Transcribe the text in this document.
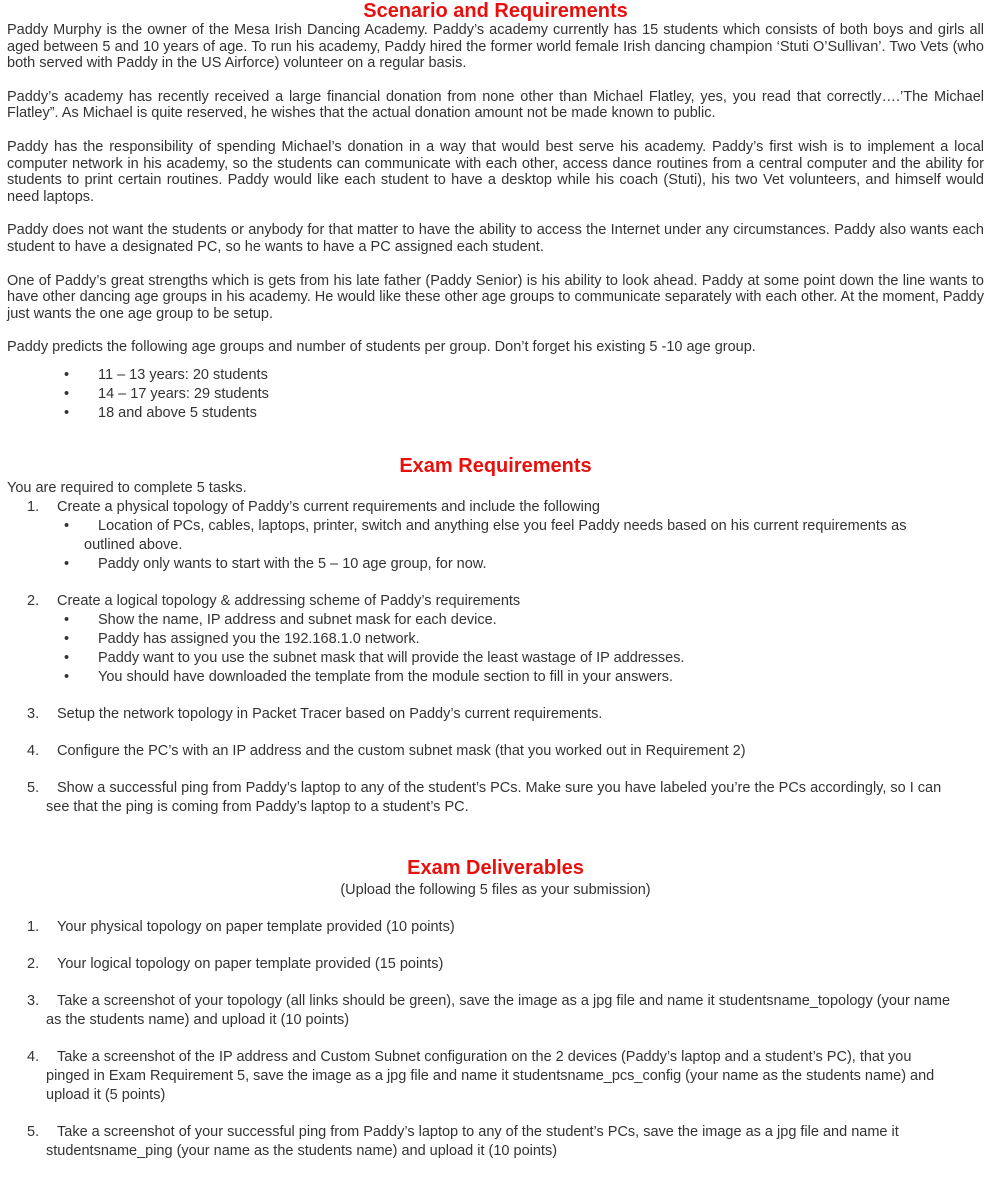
Scenario and Requirements

Paddy Murphy is the owner of the Mesa Irish Dancing Academy. Paddy’s academy currently has 15 students which consists of both boys and girls all aged between 5 and 10 years of age. To run his academy, Paddy hired the former world female Irish dancing champion ‘Stuti O’Sullivan’. Two Vets (who both served with Paddy in the US Airforce) volunteer on a regular basis.

Paddy’s academy has recently received a large financial donation from none other than Michael Flatley, yes, you read that correctly….’The Michael Flatley”. As Michael is quite reserved, he wishes that the actual donation amount not be made known to public.

Paddy has the responsibility of spending Michael’s donation in a way that would best serve his academy. Paddy’s first wish is to implement a local computer network in his academy, so the students can communicate with each other, access dance routines from a central computer and the ability for students to print certain routines. Paddy would like each student to have a desktop while his coach (Stuti), his two Vet volunteers, and himself would need laptops.

Paddy does not want the students or anybody for that matter to have the ability to access the Internet under any circumstances. Paddy also wants each student to have a designated PC, so he wants to have a PC assigned each student.

One of Paddy’s great strengths which is gets from his late father (Paddy Senior) is his ability to look ahead. Paddy at some point down the line wants to have other dancing age groups in his academy. He would like these other age groups to communicate separately with each other. At the moment, Paddy just wants the one age group to be setup.

Paddy predicts the following age groups and number of students per group. Don’t forget his existing 5 -10 age group.

• 11 – 13 years: 20 students
• 14 – 17 years: 29 students
• 18 and above 5 students
Exam Requirements
You are required to complete 5 tasks.
1. Create a physical topology of Paddy’s current requirements and include the following
• Location of PCs, cables, laptops, printer, switch and anything else you feel Paddy needs based on his current requirements as
outlined above.
• Paddy only wants to start with the 5 – 10 age group, for now.
2. Create a logical topology & addressing scheme of Paddy’s requirements
• Show the name, IP address and subnet mask for each device.
• Paddy has assigned you the 192.168.1.0 network.
• Paddy want to you use the subnet mask that will provide the least wastage of IP addresses.
• You should have downloaded the template from the module section to fill in your answers.
3. Setup the network topology in Packet Tracer based on Paddy’s current requirements.
4. Configure the PC’s with an IP address and the custom subnet mask (that you worked out in Requirement 2)
5. Show a successful ping from Paddy’s laptop to any of the student’s PCs. Make sure you have labeled you’re the PCs accordingly, so I can
see that the ping is coming from Paddy’s laptop to a student’s PC.
Exam Deliverables
(Upload the following 5 files as your submission)
1. Your physical topology on paper template provided (10 points)
2. Your logical topology on paper template provided (15 points)
3. Take a screenshot of your topology (all links should be green), save the image as a jpg file and name it studentsname_topology (your name
as the students name) and upload it (10 points)
4. Take a screenshot of the IP address and Custom Subnet configuration on the 2 devices (Paddy’s laptop and a student’s PC), that you
pinged in Exam Requirement 5, save the image as a jpg file and name it studentsname_pcs_config (your name as the students name) and
upload it (5 points)
5. Take a screenshot of your successful ping from Paddy’s laptop to any of the student’s PCs, save the image as a jpg file and name it
studentsname_ping (your name as the students name) and upload it (10 points)
